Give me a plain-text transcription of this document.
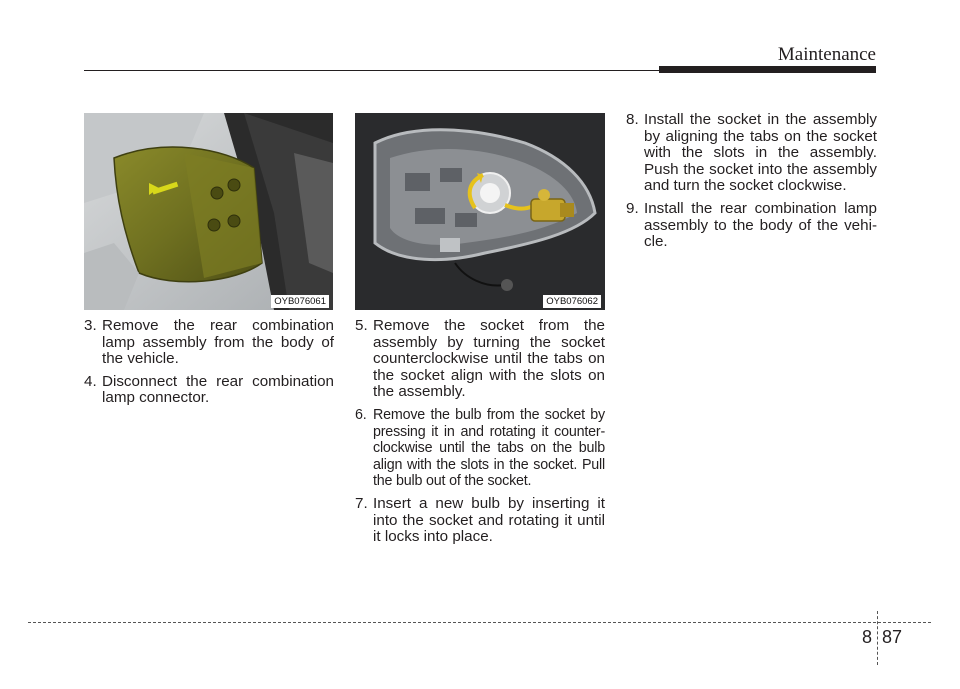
Maintenance
OYB076061	OYB076062
3. Remove the rear combination lamp assembly from the body of the vehicle.
4. Disconnect the rear combination lamp connector.
5. Remove the socket from the assembly by turning the socket counterclockwise until the tabs on the socket align with the slots on the assembly.
6. Remove the bulb from the socket by pressing it in and rotating it counter-clockwise until the tabs on the bulb align with the slots in the socket. Pull the bulb out of the socket.
7. Insert a new bulb by inserting it into the socket and rotating it until it locks into place.
8. Install the socket in the assembly by aligning the tabs on the socket with the slots in the assembly. Push the socket into the assembly and turn the socket clockwise.
9. Install the rear combination lamp assembly to the body of the vehi-cle.
8 87
